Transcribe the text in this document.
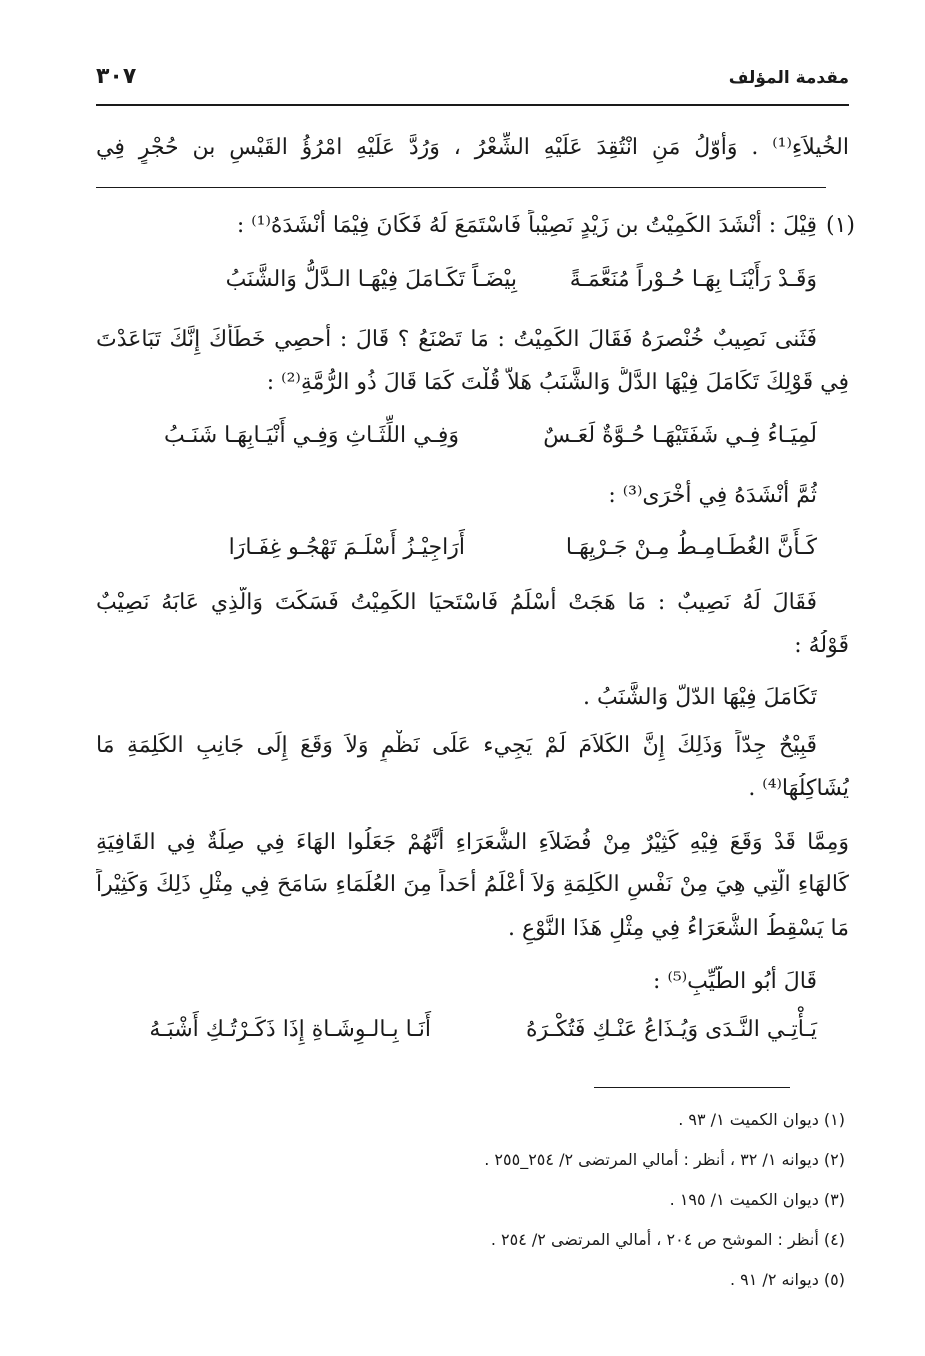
مقدمة المؤلف
٣٠٧
الخُيلاَءِ⁽¹⁾ . وَأَوّلُ مَنِ انْتُقِدَ عَلَيْهِ الشِّعْرُ ، وَرُدَّ عَلَيْهِ امْرُؤُ القَيْسِ بن حُجْرٍ فِي
(١)
قِيْلَ : أَنْشَدَ الكَمِيْتُ بن زَيْدٍ نَصِيْباً فَاسْتَمَعَ لَهُ فَكَانَ فِيْمَا أَنْشَدَهُ⁽¹⁾ :
بِيْضَـاً تَكَـامَلَ فِيْهَـا الـدَّلُّ وَالشَّنَبُ وَقَـدْ رَأَيْنَـا بِهَـا حُـوْراً مُنَعَّمَـةً
فَثَنى نَصِيبٌ خُنْصرَهُ فَقَالَ الكَمِيْتُ : مَا تَصْنَعُ ؟ قَالَ : أُحصِي خَطَأَكَ إِنَّكَ تَبَاعَدْتَ
فِي قَوْلِكَ تَكَامَلَ فِيْهَا الدَّلُّ وَالشَّنَبُ هَلاَّ قُلْتَ كَمَا قَالَ ذُو الرُّمَّةِ⁽²⁾ :
وَفِـي اللِّثَـاثِ وَفِـي أَنْيَـابِهَـا شَنَـبُ	لَمِيَـاءُ فِـي شَفَتَيْهَـا حُـوَّةٌ لَعَـسٌ
ثُمَّ أَنْشَدَهُ فِي أُخْرَى⁽³⁾ :
أَرَاجِيْـزُ أَسْلَـمَ تَهْجُـو غِفَـارَا	كَـأَنَّ الغُطَـامِـطُ مِـنْ جَـرْيِهَـا
فَقَالَ لَهُ نَصِيبٌ : مَا هَجَتْ أَسْلَمُ فَاسْتَحيَا الكَمِيْتُ فَسَكَتَ وَالَّذِي عَابَهُ نَصِيْبٌ
قَوْلُهُ :
تَكَامَلَ فِيْهَا الدّلّ وَالشَّنَبُ .
قَبِيْحٌ جِدّاً وَذَلِكَ إِنَّ الكَلاَمَ لَمْ يَجِيء عَلَى نَظْمٍ وَلاَ وَقَعَ إِلَى جَانِبِ الكَلِمَةِ مَا
يُشَاكِلُهَا⁽⁴⁾ .
وَمِمَّا قَدْ وَقَعَ فِيْهِ كَثِيْرٌ مِنْ فُضَلاَءِ الشُّعَرَاءِ أَنَّهُمْ جَعَلُوا الهَاءَ فِي صِلَةٌ فِي القَافِيَةِ
كَالهَاءِ الَّتِي هِيَ مِنْ نَفْسِ الكَلِمَةِ وَلاَ أَعْلَمُ أَحَداً مِنَ العُلَمَاءِ سَامَحَ فِي مِثْلِ ذَلِكَ وَكَثِيْراً
مَا يَسْقِطُ الشُّعَرَاءُ فِي مِثْلِ هَذَا النَّوْعِ .
قَالَ أَبُو الطَّيِّبِ⁽⁵⁾ :
أَنَـا بِـالـوِشَـاةِ إِذَا ذَكَـرْتُـكِ أَشْبَـهُ	يَـأْتِـي النَّـدَى وَيُـذَاعُ عَنْـكِ فَتُكْـرَهُ
(١) ديوان الكميت ١/ ٩٣ .
(٢) ديوانه ١/ ٣٢ ، أنظر : أمالي المرتضى ٢/ ٢٥٤_٢٥٥ .
(٣) ديوان الكميت ١/ ١٩٥ .
(٤) أنظر : الموشح ص ٢٠٤ ، أمالي المرتضى ٢/ ٢٥٤ .
(٥) ديوانه ٢/ ٩١ .
